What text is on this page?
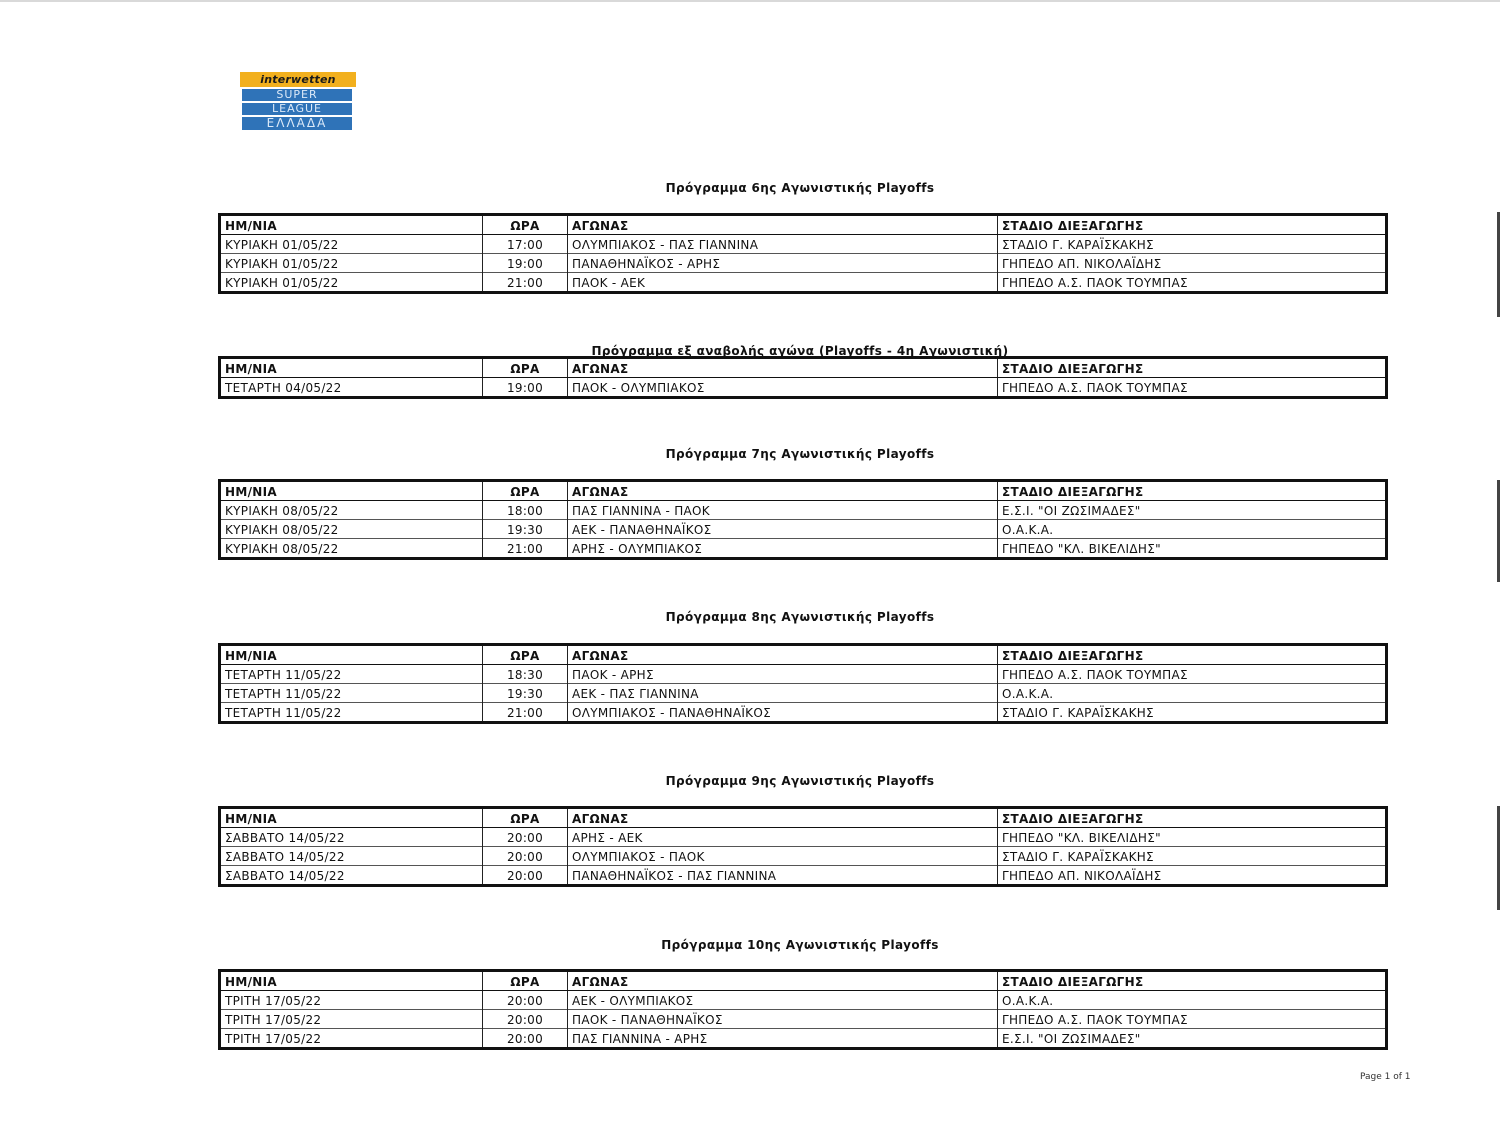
interwetten
SUPER
LEAGUE
ΕΛΛΑΔΑ
Πρόγραμμα 6ης Αγωνιστικής Playoffs
ΗΜ/ΝΙΑ	ΩΡΑ	ΑΓΩΝΑΣ	ΣΤΑΔΙΟ ΔΙΕΞΑΓΩΓΗΣ
ΚΥΡΙΑΚΗ 01/05/22	17:00	ΟΛΥΜΠΙΑΚΟΣ - ΠΑΣ ΓΙΑΝΝΙΝΑ	ΣΤΑΔΙΟ Γ. ΚΑΡΑΪΣΚΑΚΗΣ
ΚΥΡΙΑΚΗ 01/05/22	19:00	ΠΑΝΑΘΗΝΑΪΚΟΣ - ΑΡΗΣ	ΓΗΠΕΔΟ ΑΠ. ΝΙΚΟΛΑΪΔΗΣ
ΚΥΡΙΑΚΗ 01/05/22	21:00	ΠΑΟΚ - ΑΕΚ	ΓΗΠΕΔΟ Α.Σ. ΠΑΟΚ ΤΟΥΜΠΑΣ
Πρόγραμμα εξ αναβολής αγώνα (Playoffs - 4η Αγωνιστική)
ΗΜ/ΝΙΑ	ΩΡΑ	ΑΓΩΝΑΣ	ΣΤΑΔΙΟ ΔΙΕΞΑΓΩΓΗΣ
ΤΕΤΑΡΤΗ 04/05/22	19:00	ΠΑΟΚ - ΟΛΥΜΠΙΑΚΟΣ	ΓΗΠΕΔΟ Α.Σ. ΠΑΟΚ ΤΟΥΜΠΑΣ
Πρόγραμμα 7ης Αγωνιστικής Playoffs
ΗΜ/ΝΙΑ	ΩΡΑ	ΑΓΩΝΑΣ	ΣΤΑΔΙΟ ΔΙΕΞΑΓΩΓΗΣ
ΚΥΡΙΑΚΗ 08/05/22	18:00	ΠΑΣ ΓΙΑΝΝΙΝΑ - ΠΑΟΚ	Ε.Σ.Ι. "ΟΙ ΖΩΣΙΜΑΔΕΣ"
ΚΥΡΙΑΚΗ 08/05/22	19:30	ΑΕΚ - ΠΑΝΑΘΗΝΑΪΚΟΣ	Ο.Α.Κ.Α.
ΚΥΡΙΑΚΗ 08/05/22	21:00	ΑΡΗΣ - ΟΛΥΜΠΙΑΚΟΣ	ΓΗΠΕΔΟ "ΚΛ. ΒΙΚΕΛΙΔΗΣ"
Πρόγραμμα 8ης Αγωνιστικής Playoffs
ΗΜ/ΝΙΑ	ΩΡΑ	ΑΓΩΝΑΣ	ΣΤΑΔΙΟ ΔΙΕΞΑΓΩΓΗΣ
ΤΕΤΑΡΤΗ 11/05/22	18:30	ΠΑΟΚ - ΑΡΗΣ	ΓΗΠΕΔΟ Α.Σ. ΠΑΟΚ ΤΟΥΜΠΑΣ
ΤΕΤΑΡΤΗ 11/05/22	19:30	ΑΕΚ - ΠΑΣ ΓΙΑΝΝΙΝΑ	Ο.Α.Κ.Α.
ΤΕΤΑΡΤΗ 11/05/22	21:00	ΟΛΥΜΠΙΑΚΟΣ - ΠΑΝΑΘΗΝΑΪΚΟΣ	ΣΤΑΔΙΟ Γ. ΚΑΡΑΪΣΚΑΚΗΣ
Πρόγραμμα 9ης Αγωνιστικής Playoffs
ΗΜ/ΝΙΑ	ΩΡΑ	ΑΓΩΝΑΣ	ΣΤΑΔΙΟ ΔΙΕΞΑΓΩΓΗΣ
ΣΑΒΒΑΤΟ 14/05/22	20:00	ΑΡΗΣ - ΑΕΚ	ΓΗΠΕΔΟ "ΚΛ. ΒΙΚΕΛΙΔΗΣ"
ΣΑΒΒΑΤΟ 14/05/22	20:00	ΟΛΥΜΠΙΑΚΟΣ - ΠΑΟΚ	ΣΤΑΔΙΟ Γ. ΚΑΡΑΪΣΚΑΚΗΣ
ΣΑΒΒΑΤΟ 14/05/22	20:00	ΠΑΝΑΘΗΝΑΪΚΟΣ - ΠΑΣ ΓΙΑΝΝΙΝΑ	ΓΗΠΕΔΟ ΑΠ. ΝΙΚΟΛΑΪΔΗΣ
Πρόγραμμα 10ης Αγωνιστικής Playoffs
ΗΜ/ΝΙΑ	ΩΡΑ	ΑΓΩΝΑΣ	ΣΤΑΔΙΟ ΔΙΕΞΑΓΩΓΗΣ
ΤΡΙΤΗ 17/05/22	20:00	ΑΕΚ - ΟΛΥΜΠΙΑΚΟΣ	Ο.Α.Κ.Α.
ΤΡΙΤΗ 17/05/22	20:00	ΠΑΟΚ - ΠΑΝΑΘΗΝΑΪΚΟΣ	ΓΗΠΕΔΟ Α.Σ. ΠΑΟΚ ΤΟΥΜΠΑΣ
ΤΡΙΤΗ 17/05/22	20:00	ΠΑΣ ΓΙΑΝΝΙΝΑ - ΑΡΗΣ	Ε.Σ.Ι. "ΟΙ ΖΩΣΙΜΑΔΕΣ"
Page 1 of 1
